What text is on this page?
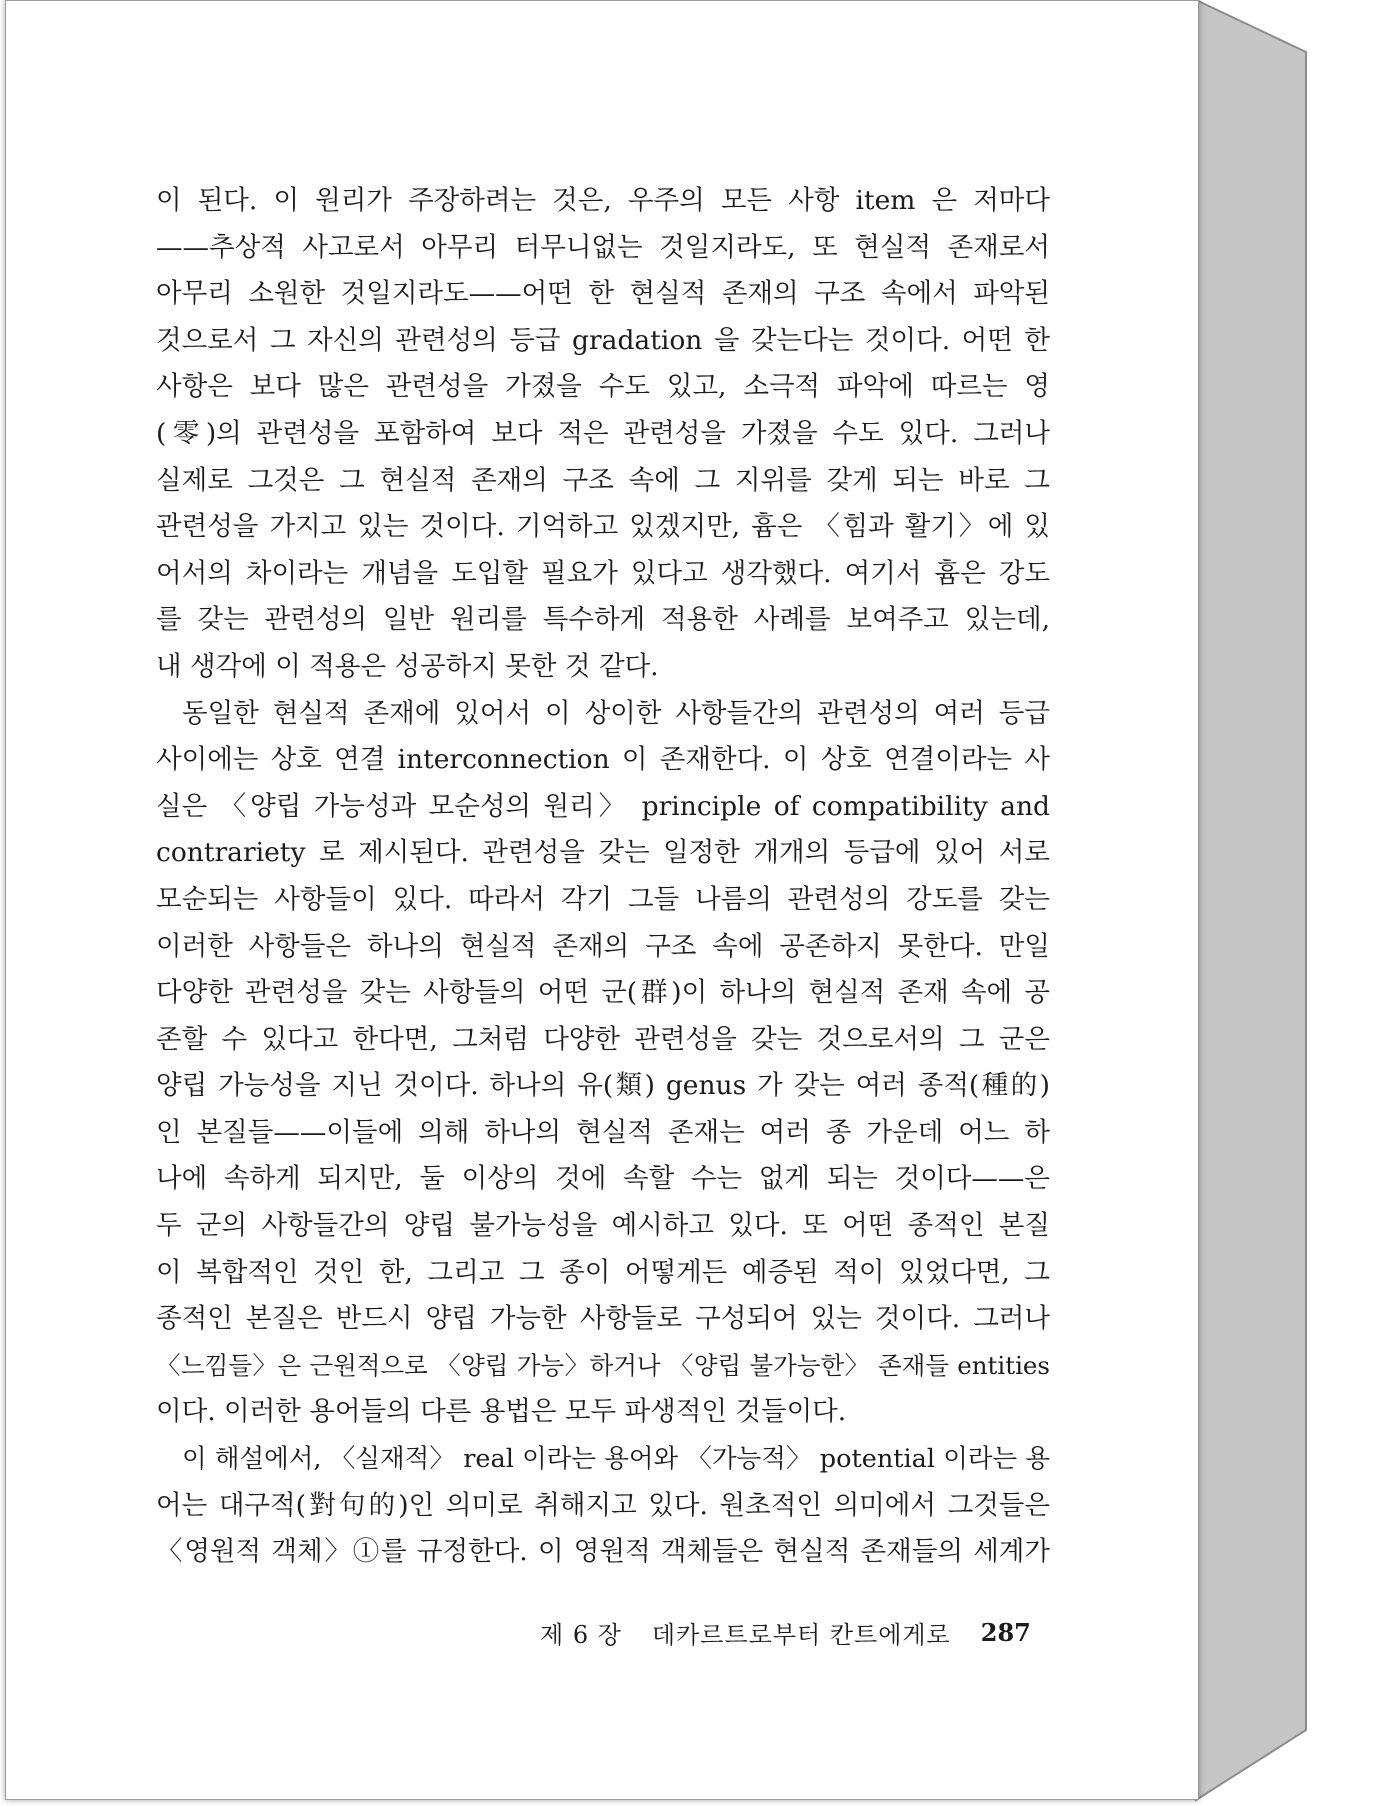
이 된다. 이 원리가 주장하려는 것은, 우주의 모든 사항 item 은 저마다
——추상적 사고로서 아무리 터무니없는 것일지라도, 또 현실적 존재로서
아무리 소원한 것일지라도——어떤 한 현실적 존재의 구조 속에서 파악된
것으로서 그 자신의 관련성의 등급 gradation 을 갖는다는 것이다. 어떤 한
사항은 보다 많은 관련성을 가졌을 수도 있고, 소극적 파악에 따르는 영
(零)의 관련성을 포함하여 보다 적은 관련성을 가졌을 수도 있다. 그러나
실제로 그것은 그 현실적 존재의 구조 속에 그 지위를 갖게 되는 바로 그
관련성을 가지고 있는 것이다. 기억하고 있겠지만, 흄은 〈힘과 활기〉에 있
어서의 차이라는 개념을 도입할 필요가 있다고 생각했다. 여기서 흄은 강도
를 갖는 관련성의 일반 원리를 특수하게 적용한 사례를 보여주고 있는데,
내 생각에 이 적용은 성공하지 못한 것 같다.
동일한 현실적 존재에 있어서 이 상이한 사항들간의 관련성의 여러 등급
사이에는 상호 연결 interconnection 이 존재한다. 이 상호 연결이라는 사
실은 〈양립 가능성과 모순성의 원리〉 principle of compatibility and
contrariety 로 제시된다. 관련성을 갖는 일정한 개개의 등급에 있어 서로
모순되는 사항들이 있다. 따라서 각기 그들 나름의 관련성의 강도를 갖는
이러한 사항들은 하나의 현실적 존재의 구조 속에 공존하지 못한다. 만일
다양한 관련성을 갖는 사항들의 어떤 군(群)이 하나의 현실적 존재 속에 공
존할 수 있다고 한다면, 그처럼 다양한 관련성을 갖는 것으로서의 그 군은
양립 가능성을 지닌 것이다. 하나의 유(類) genus 가 갖는 여러 종적(種的)
인 본질들——이들에 의해 하나의 현실적 존재는 여러 종 가운데 어느 하
나에 속하게 되지만, 둘 이상의 것에 속할 수는 없게 되는 것이다——은
두 군의 사항들간의 양립 불가능성을 예시하고 있다. 또 어떤 종적인 본질
이 복합적인 것인 한, 그리고 그 종이 어떻게든 예증된 적이 있었다면, 그
종적인 본질은 반드시 양립 가능한 사항들로 구성되어 있는 것이다. 그러나
〈느낌들〉은 근원적으로 〈양립 가능〉하거나 〈양립 불가능한〉 존재들 entities
이다. 이러한 용어들의 다른 용법은 모두 파생적인 것들이다.
이 해설에서, 〈실재적〉 real 이라는 용어와 〈가능적〉 potential 이라는 용
어는 대구적(對句的)인 의미로 취해지고 있다. 원초적인 의미에서 그것들은
〈영원적 객체〉①를 규정한다. 이 영원적 객체들은 현실적 존재들의 세계가
제 6 장 데카르트로부터 칸트에게로 287
